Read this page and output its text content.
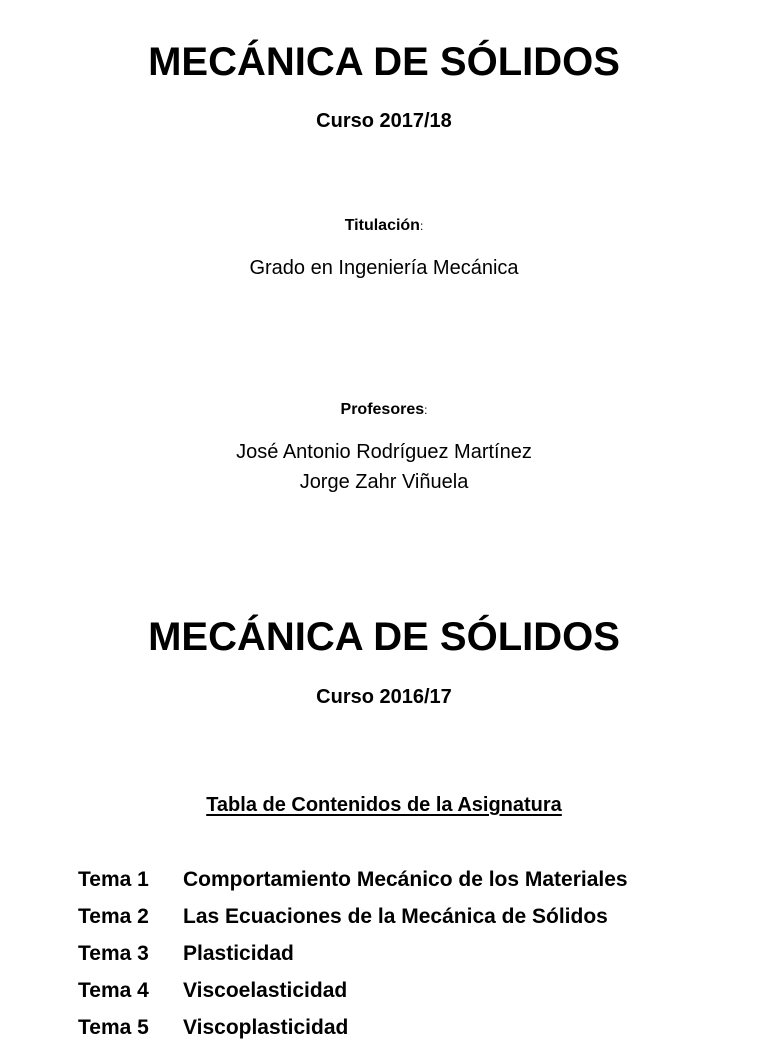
MECÁNICA DE SÓLIDOS
Curso 2017/18
Titulación:
Grado en Ingeniería Mecánica
Profesores:
José Antonio Rodríguez Martínez
Jorge Zahr Viñuela
MECÁNICA DE SÓLIDOS
Curso 2016/17
Tabla de Contenidos de la Asignatura
Tema 1 Comportamiento Mecánico de los Materiales
Tema 2 Las Ecuaciones de la Mecánica de Sólidos
Tema 3 Plasticidad
Tema 4 Viscoelasticidad
Tema 5 Viscoplasticidad
